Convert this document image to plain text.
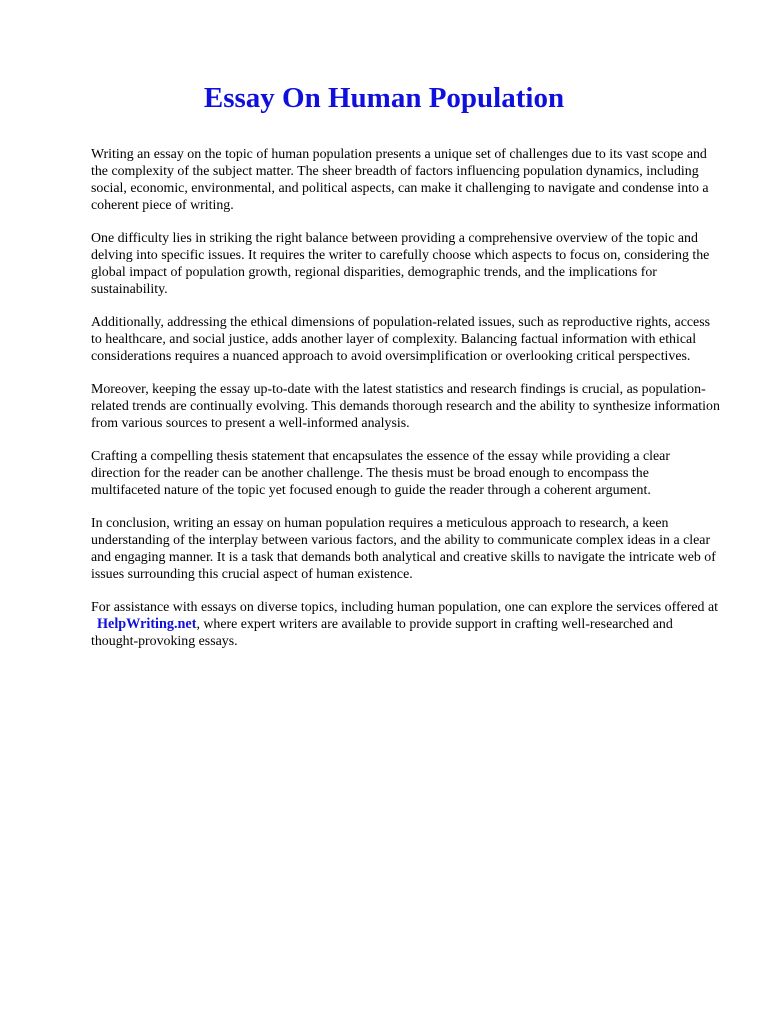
Essay On Human Population

Writing an essay on the topic of human population presents a unique set of challenges due to its vast scope and the complexity of the subject matter. The sheer breadth of factors influencing population dynamics, including social, economic, environmental, and political aspects, can make it challenging to navigate and condense into a coherent piece of writing.

One difficulty lies in striking the right balance between providing a comprehensive overview of the topic and delving into specific issues. It requires the writer to carefully choose which aspects to focus on, considering the global impact of population growth, regional disparities, demographic trends, and the implications for sustainability.

Additionally, addressing the ethical dimensions of population-related issues, such as reproductive rights, access to healthcare, and social justice, adds another layer of complexity. Balancing factual information with ethical considerations requires a nuanced approach to avoid oversimplification or overlooking critical perspectives.

Moreover, keeping the essay up-to-date with the latest statistics and research findings is crucial, as population-related trends are continually evolving. This demands thorough research and the ability to synthesize information from various sources to present a well-informed analysis.

Crafting a compelling thesis statement that encapsulates the essence of the essay while providing a clear direction for the reader can be another challenge. The thesis must be broad enough to encompass the multifaceted nature of the topic yet focused enough to guide the reader through a coherent argument.

In conclusion, writing an essay on human population requires a meticulous approach to research, a keen understanding of the interplay between various factors, and the ability to communicate complex ideas in a clear and engaging manner. It is a task that demands both analytical and creative skills to navigate the intricate web of issues surrounding this crucial aspect of human existence.

For assistance with essays on diverse topics, including human population, one can explore the services offered atHelpWriting.net, where expert writers are available to provide support in crafting well-researched and thought-provoking essays.
